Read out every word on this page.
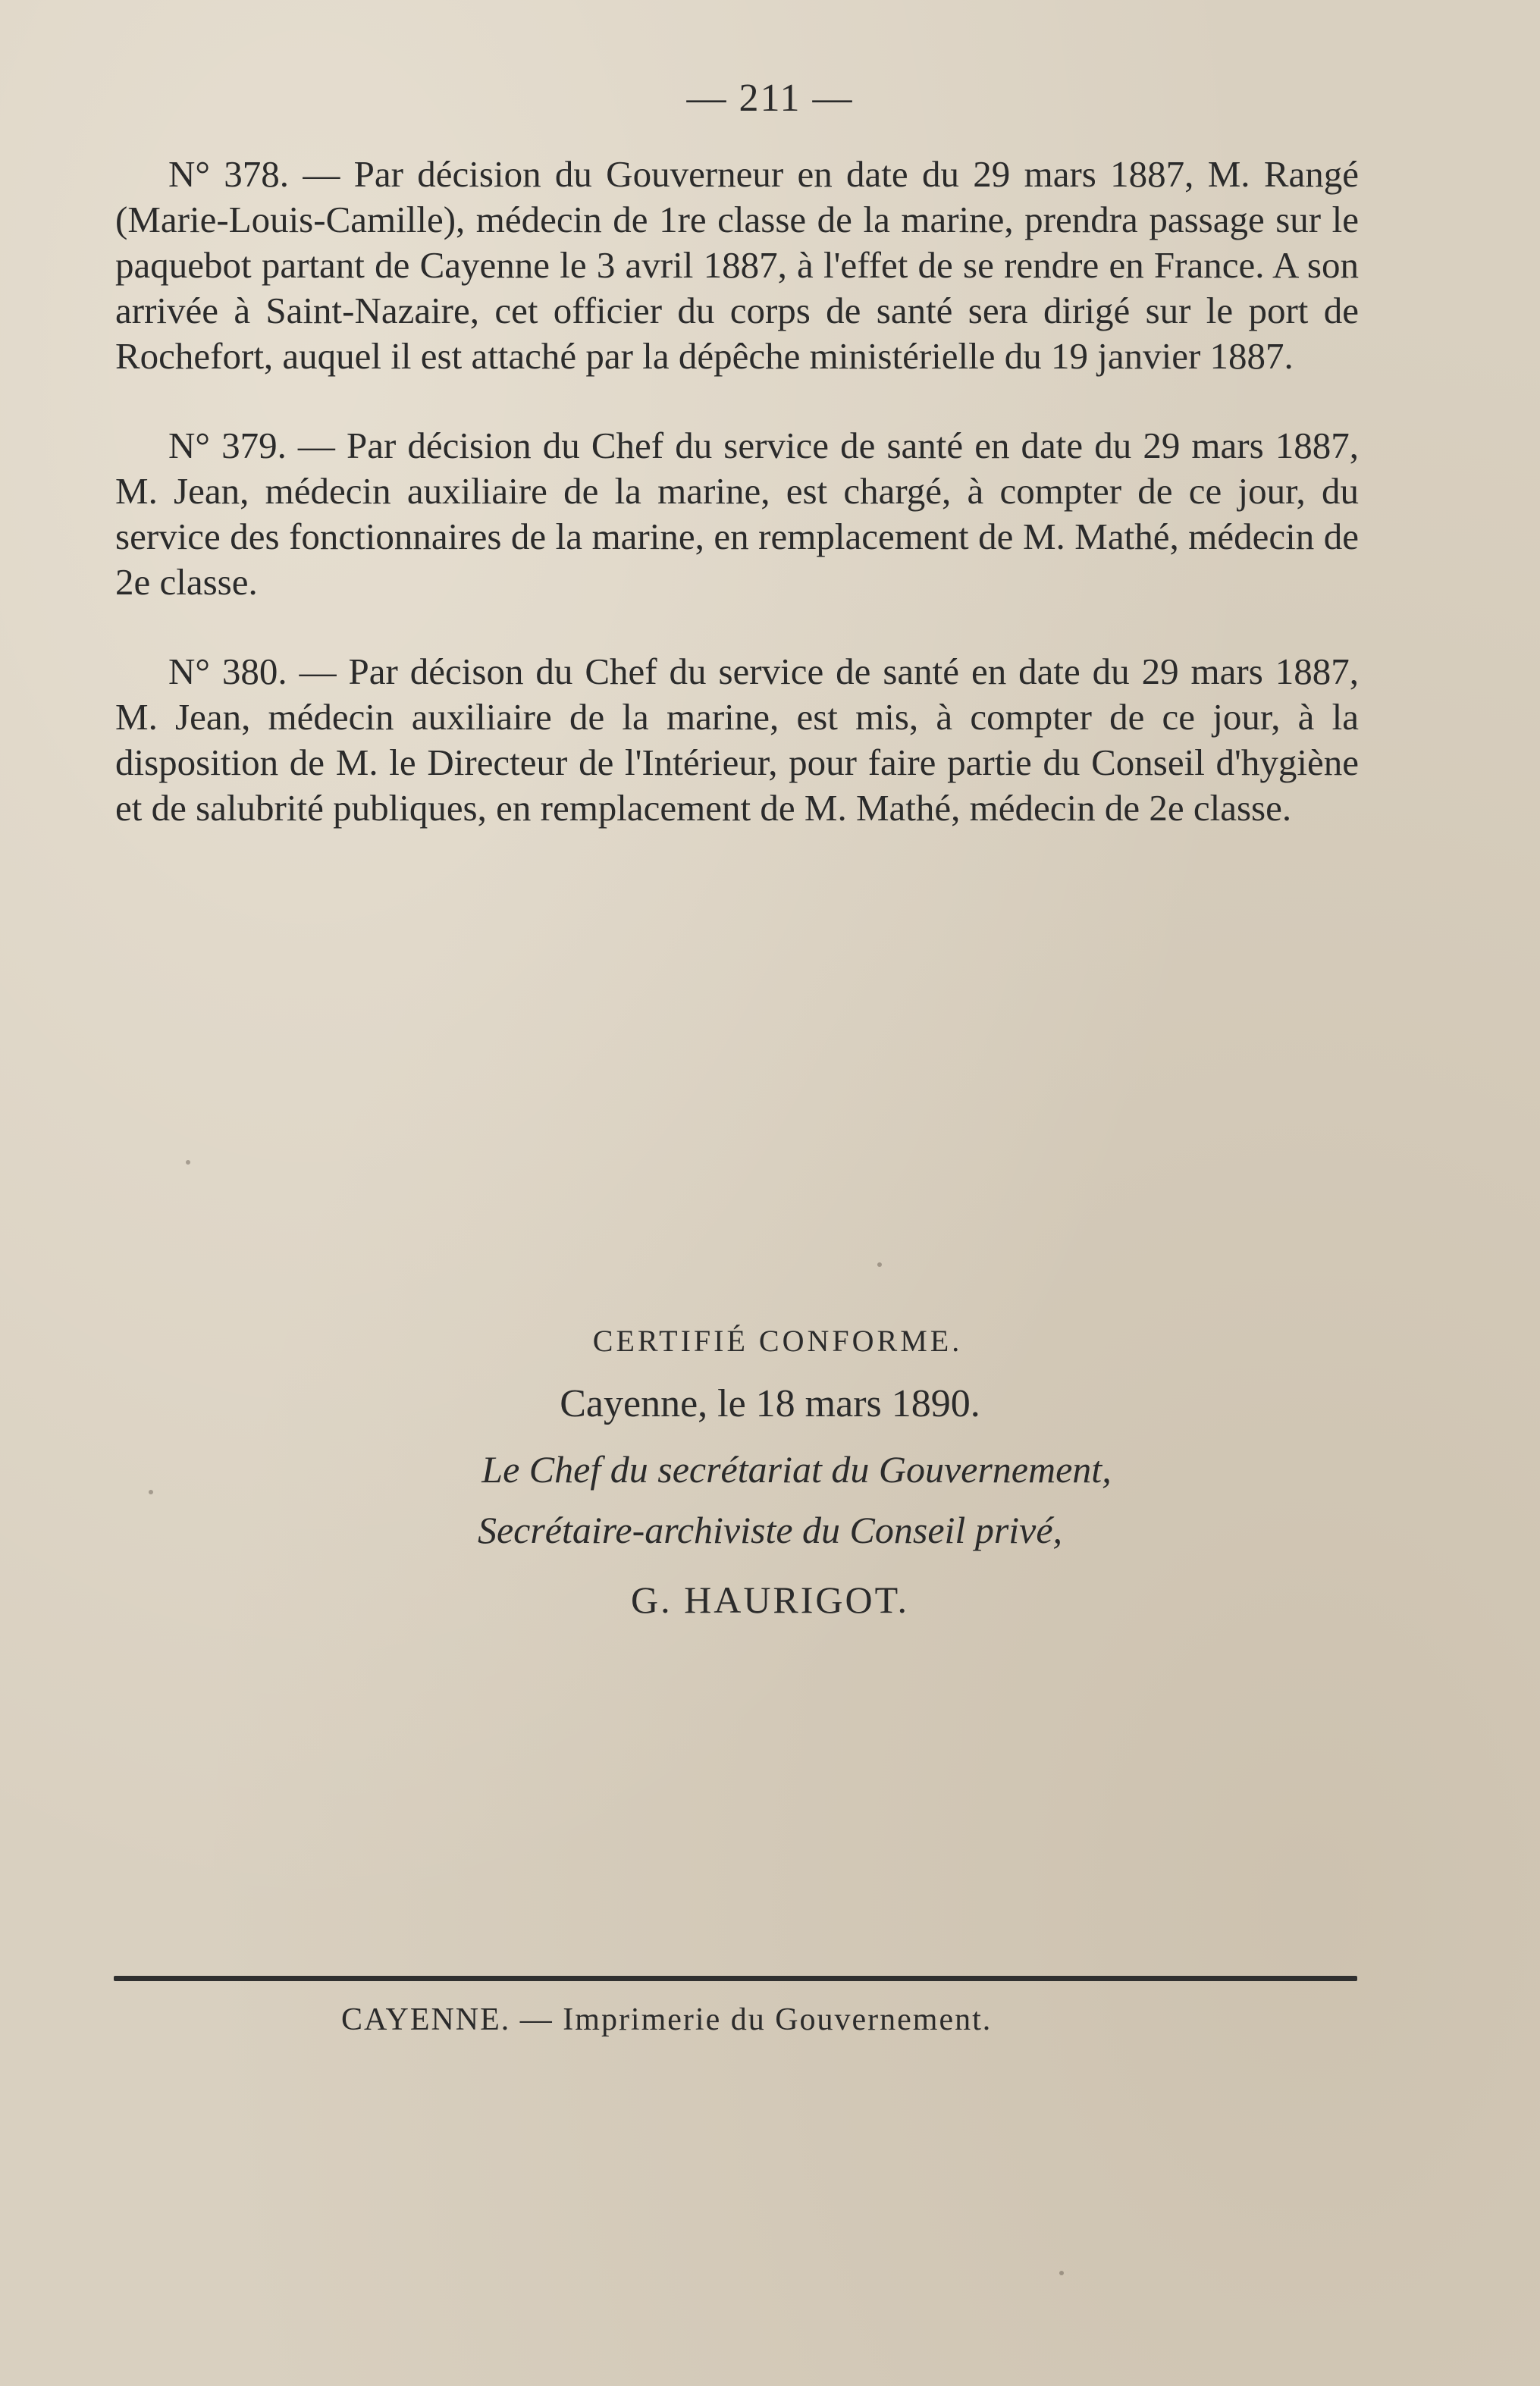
— 211 —

N° 378. — Par décision du Gouverneur en date du 29 mars 1887, M. Rangé (Marie-Louis-Camille), médecin de 1re classe de la marine, prendra passage sur le paquebot partant de Cayenne le 3 avril 1887, à l'effet de se rendre en France. A son arrivée à Saint-Nazaire, cet officier du corps de santé sera dirigé sur le port de Rochefort, auquel il est attaché par la dépêche ministérielle du 19 janvier 1887.

N° 379. — Par décision du Chef du service de santé en date du 29 mars 1887, M. Jean, médecin auxiliaire de la marine, est chargé, à compter de ce jour, du service des fonctionnaires de la marine, en remplacement de M. Mathé, médecin de 2e classe.

N° 380. — Par décison du Chef du service de santé en date du 29 mars 1887, M. Jean, médecin auxiliaire de la marine, est mis, à compter de ce jour, à la disposition de M. le Directeur de l'Intérieur, pour faire partie du Conseil d'hygiène et de salubrité publiques, en remplacement de M. Mathé, médecin de 2e classe.

CERTIFIÉ CONFORME.

Cayenne, le 18 mars 1890.

Le Chef du secrétariat du Gouvernement,

Secrétaire-archiviste du Conseil privé,

G. HAURIGOT.

CAYENNE. — Imprimerie du Gouvernement.
